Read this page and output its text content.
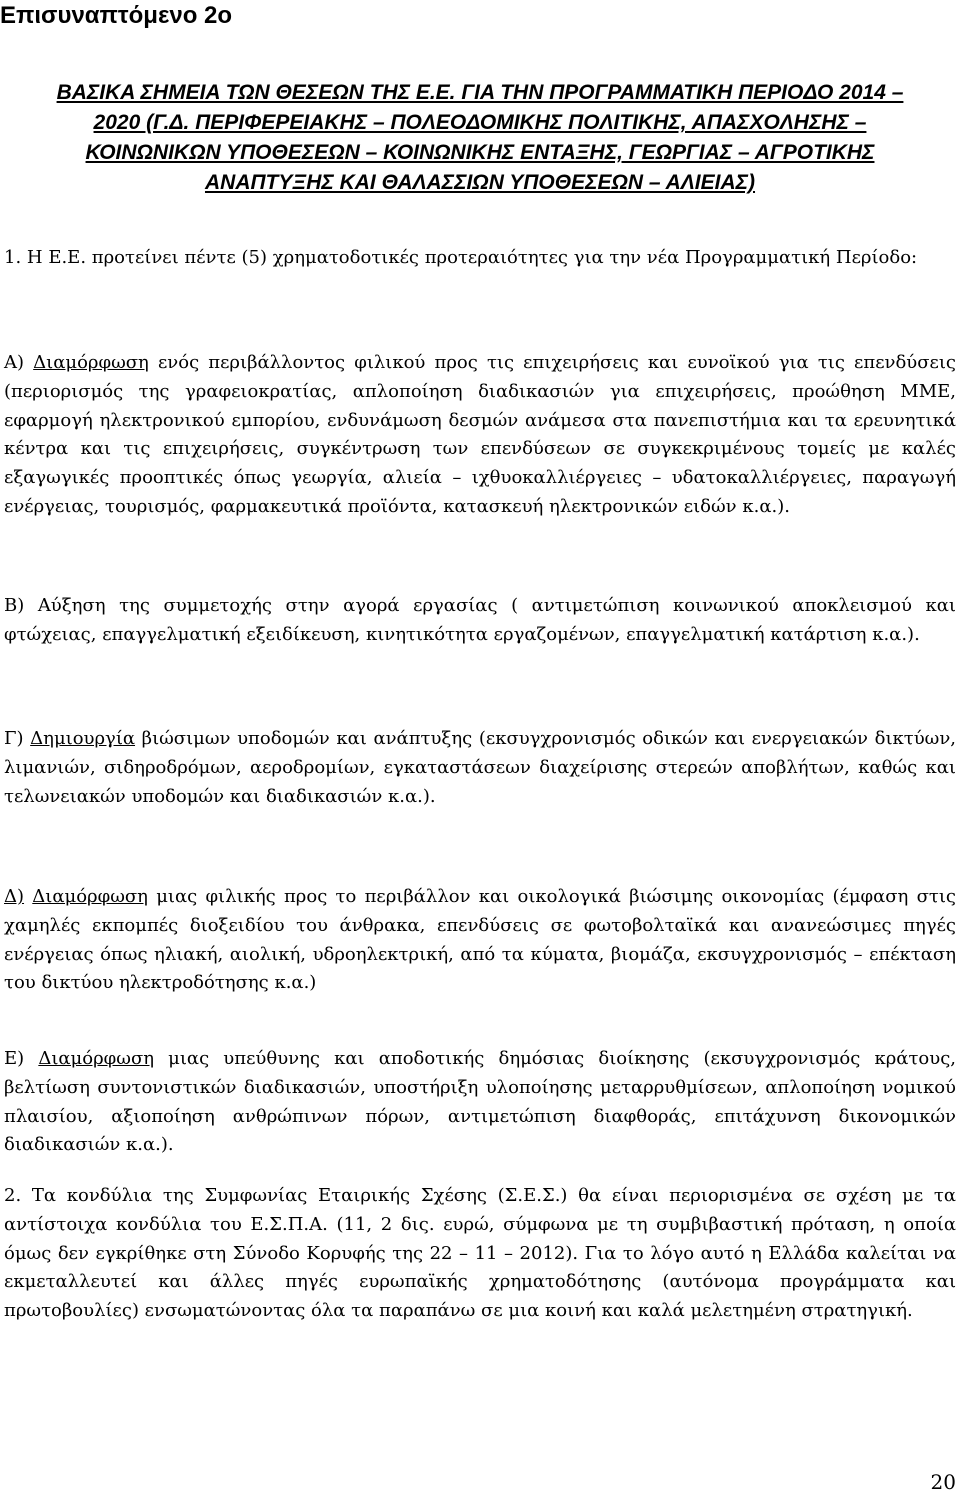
Επισυναπτόμενο 2ο
ΒΑΣΙΚΑ ΣΗΜΕΙΑ ΤΩΝ ΘΕΣΕΩΝ ΤΗΣ Ε.Ε. ΓΙΑ ΤΗΝ ΠΡΟΓΡΑΜΜΑΤΙΚΗ ΠΕΡΙΟΔΟ 2014 – 2020 (Γ.Δ. ΠΕΡΙΦΕΡΕΙΑΚΗΣ – ΠΟΛΕΟΔΟΜΙΚΗΣ ΠΟΛΙΤΙΚΗΣ, ΑΠΑΣΧΟΛΗΣΗΣ – ΚΟΙΝΩΝΙΚΩΝ ΥΠΟΘΕΣΕΩΝ – ΚΟΙΝΩΝΙΚΗΣ ΕΝΤΑΞΗΣ, ΓΕΩΡΓΙΑΣ – ΑΓΡΟΤΙΚΗΣ ΑΝΑΠΤΥΞΗΣ ΚΑΙ ΘΑΛΑΣΣΙΩΝ ΥΠΟΘΕΣΕΩΝ – ΑΛΙΕΙΑΣ)

1. Η Ε.Ε. προτείνει πέντε (5) χρηματοδοτικές προτεραιότητες για την νέα Προγραμματική Περίοδο:

Α) Διαμόρφωση ενός περιβάλλοντος φιλικού προς τις επιχειρήσεις και ευνοϊκού για τις επενδύσεις (περιορισμός της γραφειοκρατίας, απλοποίηση διαδικασιών για επιχειρήσεις, προώθηση ΜΜΕ, εφαρμογή ηλεκτρονικού εμπορίου, ενδυνάμωση δεσμών ανάμεσα στα πανεπιστήμια και τα ερευνητικά κέντρα και τις επιχειρήσεις, συγκέντρωση των επενδύσεων σε συγκεκριμένους τομείς με καλές εξαγωγικές προοπτικές όπως γεωργία, αλιεία – ιχθυοκαλλιέργειες – υδατοκαλλιέργειες, παραγωγή ενέργειας, τουρισμός, φαρμακευτικά προϊόντα, κατασκευή ηλεκτρονικών ειδών κ.α.).

Β) Αύξηση της συμμετοχής στην αγορά εργασίας ( αντιμετώπιση κοινωνικού αποκλεισμού και φτώχειας, επαγγελματική εξειδίκευση, κινητικότητα εργαζομένων, επαγγελματική κατάρτιση κ.α.).

Γ) Δημιουργία βιώσιμων υποδομών και ανάπτυξης (εκσυγχρονισμός οδικών και ενεργειακών δικτύων, λιμανιών, σιδηροδρόμων, αεροδρομίων, εγκαταστάσεων διαχείρισης στερεών αποβλήτων, καθώς και τελωνειακών υποδομών και διαδικασιών κ.α.).

Δ) Διαμόρφωση μιας φιλικής προς το περιβάλλον και οικολογικά βιώσιμης οικονομίας (έμφαση στις χαμηλές εκπομπές διοξειδίου του άνθρακα, επενδύσεις σε φωτοβολταϊκά και ανανεώσιμες πηγές ενέργειας όπως ηλιακή, αιολική, υδροηλεκτρική, από τα κύματα, βιομάζα, εκσυγχρονισμός – επέκταση του δικτύου ηλεκτροδότησης κ.α.)

Ε) Διαμόρφωση μιας υπεύθυνης και αποδοτικής δημόσιας διοίκησης (εκσυγχρονισμός κράτους, βελτίωση συντονιστικών διαδικασιών, υποστήριξη υλοποίησης μεταρρυθμίσεων, απλοποίηση νομικού πλαισίου, αξιοποίηση ανθρώπινων πόρων, αντιμετώπιση διαφθοράς, επιτάχυνση δικονομικών διαδικασιών κ.α.).

2. Τα κονδύλια της Συμφωνίας Εταιρικής Σχέσης (Σ.Ε.Σ.) θα είναι περιορισμένα σε σχέση με τα αντίστοιχα κονδύλια του Ε.Σ.Π.Α. (11, 2 δις. ευρώ, σύμφωνα με τη συμβιβαστική πρόταση, η οποία όμως δεν εγκρίθηκε στη Σύνοδο Κορυφής της 22 – 11 – 2012). Για το λόγο αυτό η Ελλάδα καλείται να εκμεταλλευτεί και άλλες πηγές ευρωπαϊκής χρηματοδότησης (αυτόνομα προγράμματα και πρωτοβουλίες) ενσωματώνοντας όλα τα παραπάνω σε μια κοινή και καλά μελετημένη στρατηγική.

20
